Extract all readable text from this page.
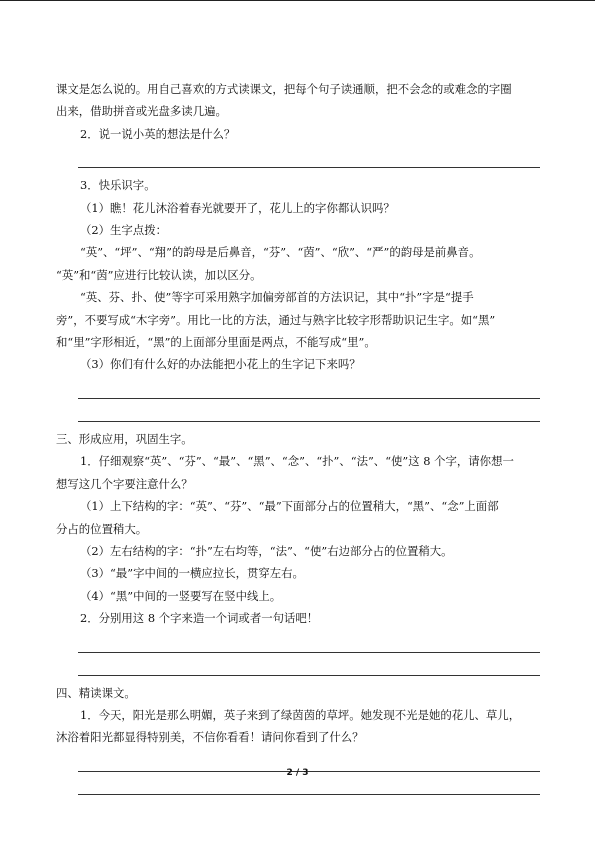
课文是怎么说的。用自己喜欢的方式读课文，把每个句子读通顺，把不会念的或难念的字圈

出来，借助拼音或光盘多读几遍。

2．说一说小英的想法是什么？

3．快乐识字。

（1）瞧！花儿沐浴着春光就要开了，花儿上的字你都认识吗？

（2）生字点拨：

“英”、“坪”、“翔”的韵母是后鼻音，“芬”、“茵”、“欣”、“严”的韵母是前鼻音。

“英”和“茵”应进行比较认读，加以区分。

“英、芬、扑、使”等字可采用熟字加偏旁部首的方法识记，其中“扑”字是“提手

旁”，不要写成“木字旁”。用比一比的方法，通过与熟字比较字形帮助识记生字。如“黑”

和“里”字形相近，“黑”的上面部分里面是两点，不能写成“里”。

（3）你们有什么好的办法能把小花上的生字记下来吗？

三、形成应用，巩固生字。

1．仔细观察“英”、“芬”、“最”、“黑”、“念”、“扑”、“法”、“使”这 8 个字，请你想一

想写这几个字要注意什么？

（1）上下结构的字：“英”、“芬”、“最”下面部分占的位置稍大，“黑”、“念”上面部

分占的位置稍大。

（2）左右结构的字：“扑”左右均等，“法”、“使”右边部分占的位置稍大。

（3）“最”字中间的一横应拉长，贯穿左右。

（4）“黑”中间的一竖要写在竖中线上。

2．分别用这 8 个字来造一个词或者一句话吧！

四、精读课文。

1．今天，阳光是那么明媚，英子来到了绿茵茵的草坪。她发现不光是她的花儿、草儿，

沐浴着阳光都显得特别美，不信你看看！请问你看到了什么？

2 / 3
